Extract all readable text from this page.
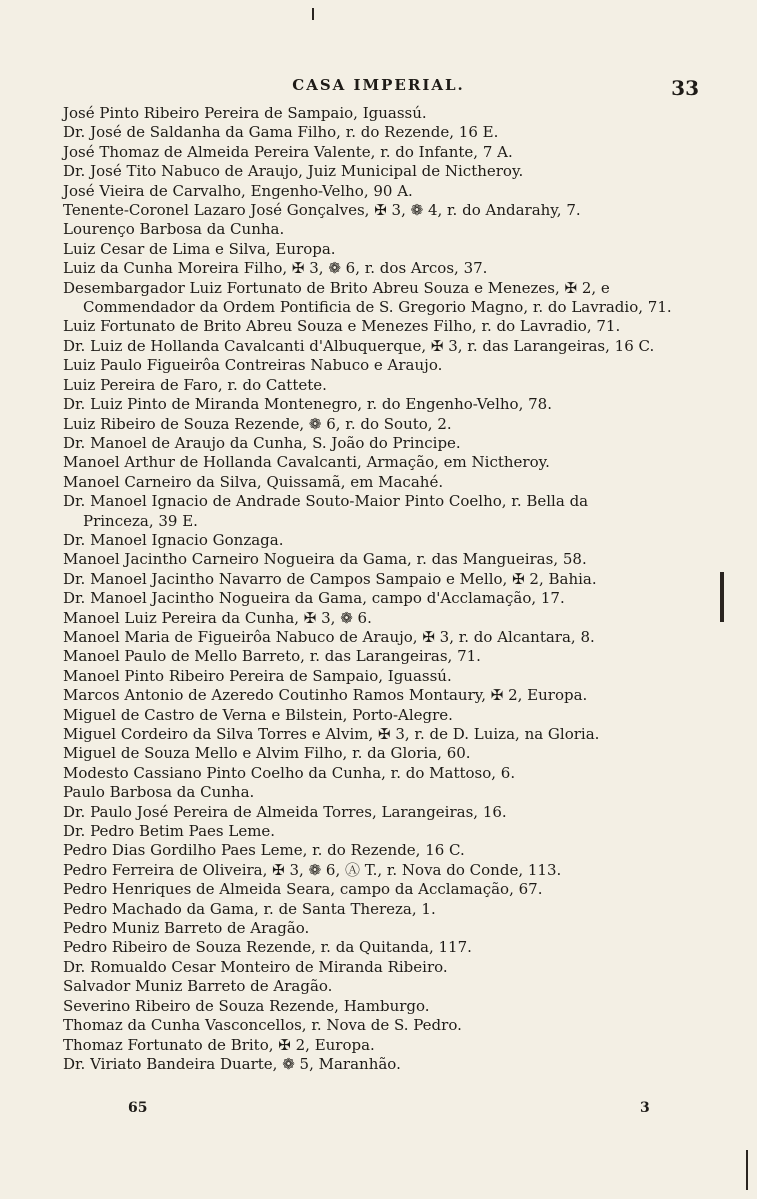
CASA IMPERIAL.	33
José Pinto Ribeiro Pereira de Sampaio, Iguassú.
Dr. José de Saldanha da Gama Filho, r. do Rezende, 16 E.
José Thomaz de Almeida Pereira Valente, r. do Infante, 7 A.
Dr. José Tito Nabuco de Araujo, Juiz Municipal de Nictheroy.
José Vieira de Carvalho, Engenho-Velho, 90 A.
Tenente-Coronel Lazaro José Gonçalves, ✠ 3, ❁ 4, r. do Andarahy, 7.
Lourenço Barbosa da Cunha.
Luiz Cesar de Lima e Silva, Europa.
Luiz da Cunha Moreira Filho, ✠ 3, ❁ 6, r. dos Arcos, 37.
Desembargador Luiz Fortunato de Brito Abreu Souza e Menezes, ✠ 2, e
Commendador da Ordem Pontificia de S. Gregorio Magno, r. do Lavradio, 71.
Luiz Fortunato de Brito Abreu Souza e Menezes Filho, r. do Lavradio, 71.
Dr. Luiz de Hollanda Cavalcanti d'Albuquerque, ✠ 3, r. das Larangeiras, 16 C.
Luiz Paulo Figueirôa Contreiras Nabuco e Araujo.
Luiz Pereira de Faro, r. do Cattete.
Dr. Luiz Pinto de Miranda Montenegro, r. do Engenho-Velho, 78.
Luiz Ribeiro de Souza Rezende, ❁ 6, r. do Souto, 2.
Dr. Manoel de Araujo da Cunha, S. João do Principe.
Manoel Arthur de Hollanda Cavalcanti, Armação, em Nictheroy.
Manoel Carneiro da Silva, Quissamã, em Macahé.
Dr. Manoel Ignacio de Andrade Souto-Maior Pinto Coelho, r. Bella da
Princeza, 39 E.
Dr. Manoel Ignacio Gonzaga.
Manoel Jacintho Carneiro Nogueira da Gama, r. das Mangueiras, 58.
Dr. Manoel Jacintho Navarro de Campos Sampaio e Mello, ✠ 2, Bahia.
Dr. Manoel Jacintho Nogueira da Gama, campo d'Acclamação, 17.
Manoel Luiz Pereira da Cunha, ✠ 3, ❁ 6.
Manoel Maria de Figueirôa Nabuco de Araujo, ✠ 3, r. do Alcantara, 8.
Manoel Paulo de Mello Barreto, r. das Larangeiras, 71.
Manoel Pinto Ribeiro Pereira de Sampaio, Iguassú.
Marcos Antonio de Azeredo Coutinho Ramos Montaury, ✠ 2, Europa.
Miguel de Castro de Verna e Bilstein, Porto-Alegre.
Miguel Cordeiro da Silva Torres e Alvim, ✠ 3, r. de D. Luiza, na Gloria.
Miguel de Souza Mello e Alvim Filho, r. da Gloria, 60.
Modesto Cassiano Pinto Coelho da Cunha, r. do Mattoso, 6.
Paulo Barbosa da Cunha.
Dr. Paulo José Pereira de Almeida Torres, Larangeiras, 16.
Dr. Pedro Betim Paes Leme.
Pedro Dias Gordilho Paes Leme, r. do Rezende, 16 C.
Pedro Ferreira de Oliveira, ✠ 3, ❁ 6, Ⓐ T., r. Nova do Conde, 113.
Pedro Henriques de Almeida Seara, campo da Acclamação, 67.
Pedro Machado da Gama, r. de Santa Thereza, 1.
Pedro Muniz Barreto de Aragão.
Pedro Ribeiro de Souza Rezende, r. da Quitanda, 117.
Dr. Romualdo Cesar Monteiro de Miranda Ribeiro.
Salvador Muniz Barreto de Aragão.
Severino Ribeiro de Souza Rezende, Hamburgo.
Thomaz da Cunha Vasconcellos, r. Nova de S. Pedro.
Thomaz Fortunato de Brito, ✠ 2, Europa.
Dr. Viriato Bandeira Duarte, ❁ 5, Maranhão.
65	3
